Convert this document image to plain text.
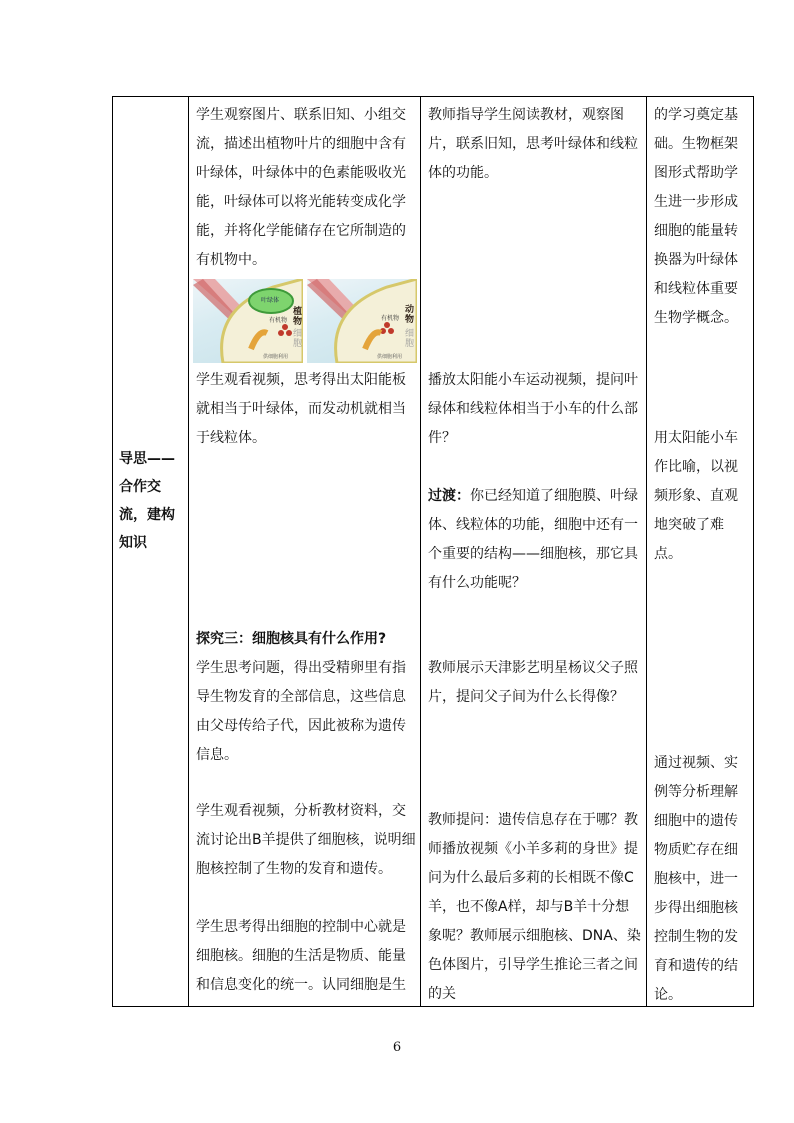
导思——合作交流，建构知识

学生观察图片、联系旧知、小组交流，描述出植物叶片的细胞中含有叶绿体，叶绿体中的色素能吸收光能，叶绿体可以将光能转变成化学能，并将化学能储存在它所制造的有机物中。

叶绿体
植物
细胞
有机物
供细胞利用
动物
细胞
有机物
供细胞利用

学生观看视频，思考得出太阳能板就相当于叶绿体，而发动机就相当于线粒体。

探究三：细胞核具有什么作用?

学生思考问题，得出受精卵里有指导生物发育的全部信息，这些信息由父母传给子代，因此被称为遗传信息。

学生观看视频，分析教材资料，交流讨论出B羊提供了细胞核，说明细胞核控制了生物的发育和遗传。

学生思考得出细胞的控制中心就是细胞核。细胞的生活是物质、能量和信息变化的统一。认同细胞是生

教师指导学生阅读教材，观察图片，联系旧知，思考叶绿体和线粒体的功能。

播放太阳能小车运动视频，提问叶绿体和线粒体相当于小车的什么部件？

过渡：你已经知道了细胞膜、叶绿体、线粒体的功能，细胞中还有一个重要的结构——细胞核，那它具有什么功能呢？

教师展示天津影艺明星杨议父子照片，提问父子间为什么长得像？

教师提问：遗传信息存在于哪？教师播放视频《小羊多莉的身世》提问为什么最后多莉的长相既不像C羊，也不像A样，却与B羊十分想象呢？教师展示细胞核、DNA、染色体图片，引导学生推论三者之间的关

的学习奠定基础。生物框架图形式帮助学生进一步形成细胞的能量转换器为叶绿体和线粒体重要生物学概念。

用太阳能小车作比喻，以视频形象、直观地突破了难点。

通过视频、实例等分析理解细胞中的遗传物质贮存在细胞核中，进一步得出细胞核控制生物的发育和遗传的结论。

6
